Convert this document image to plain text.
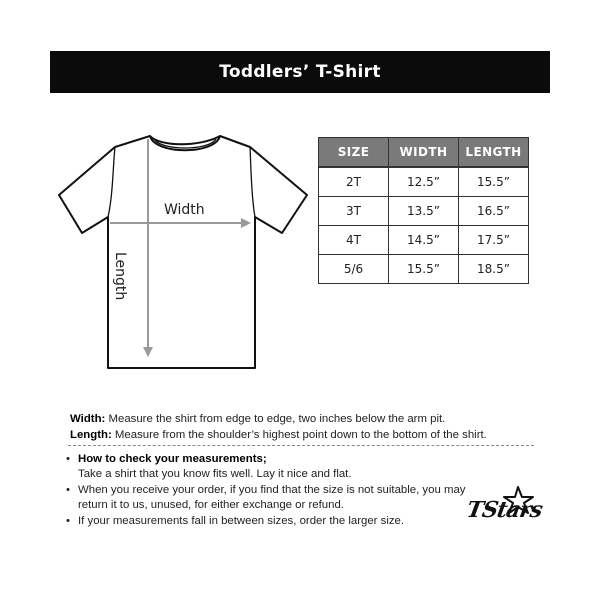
Toddlers’ T-Shirt
Width
Length
SIZE	WIDTH	LENGTH
2T	12.5”	15.5”
3T	13.5”	16.5”
4T	14.5”	17.5”
5/6	15.5”	18.5”
Width: Measure the shirt from edge to edge, two inches below the arm pit.
Length: Measure from the shoulder’s highest point down to the bottom of the shirt.
• How to check your measurements;
Take a shirt that you know fits well. Lay it nice and flat.
• When you receive your order, if you find that the size is not suitable, you may return it to us, unused, for either exchange or refund.
• If your measurements fall in between sizes, order the larger size.	TStars
